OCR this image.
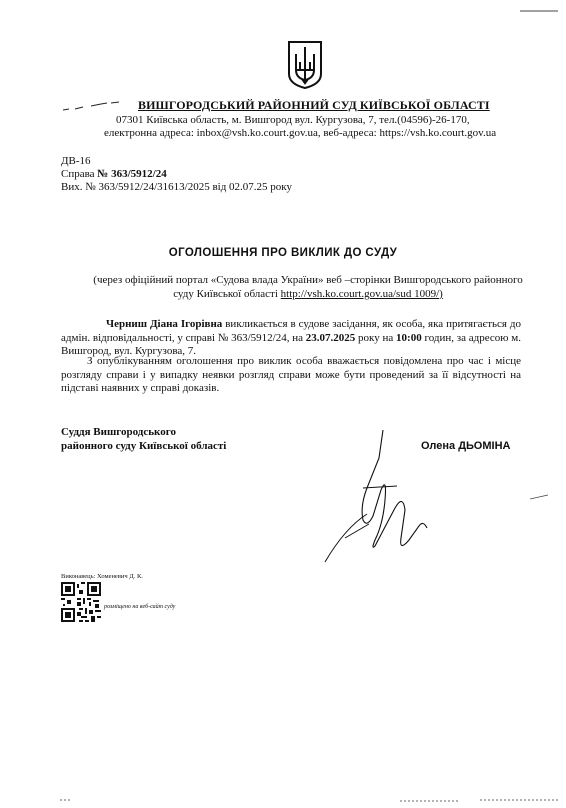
ВИШГОРОДСЬКИЙ РАЙОННИЙ СУД КИЇВСЬКОЇ ОБЛАСТІ
07301 Київська область, м. Вишгород вул. Кургузова, 7, тел.(04596)-26-170,
електронна адреса: inbox@vsh.ko.court.gov.ua, веб-адреса: https://vsh.ko.court.gov.ua
ДВ-16
Справа № 363/5912/24
Вих. № 363/5912/24/31613/2025 від 02.07.25 року
ОГОЛОШЕННЯ ПРО ВИКЛИК ДО СУДУ
(через офіційний портал «Судова влада України» веб –сторінки Вишгородського районного суду Київської області http://vsh.ko.court.gov.ua/sud 1009/)
Черниш Діана Ігорівна викликається в судове засідання, як особа, яка притягається до адмін. відповідальності, у справі № 363/5912/24, на 23.07.2025 року на 10:00 годин, за адресою м. Вишгород, вул. Кургузова, 7.
З опублікуванням оголошення про виклик особа вважається повідомлена про час і місце розгляду справи і у випадку неявки розгляд справи може бути проведений за її відсутності на підставі наявних у справі доказів.
Суддя Вишгородського
районного суду Київської області	Олена ДЬОМІНА
Виконавець: Хоменевич Д. К.
розміщено на веб-сайт суду
